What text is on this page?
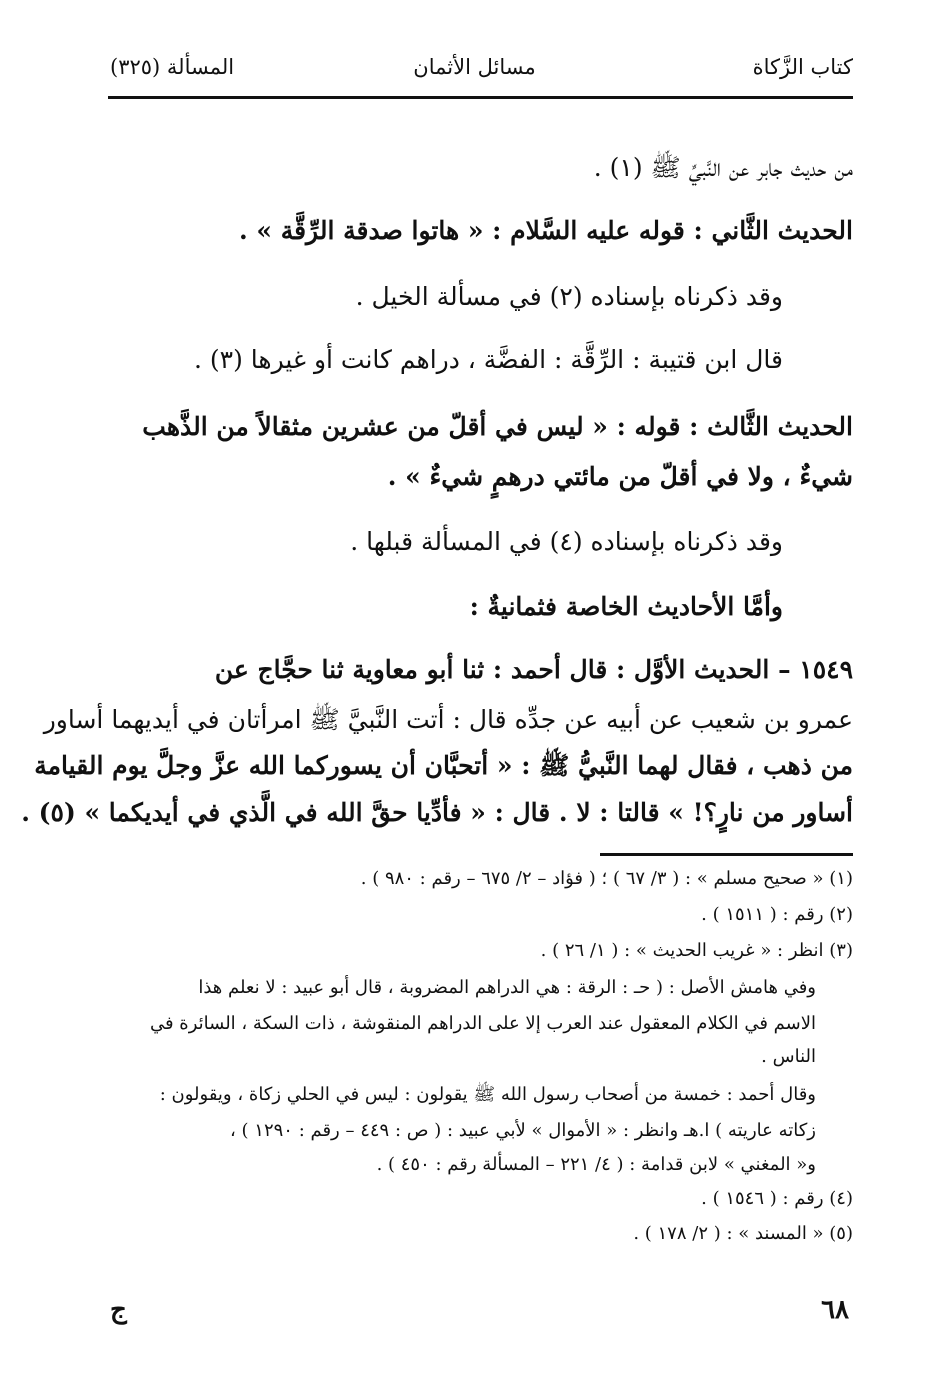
كتاب الزَّكاة
مسائل الأثمان
المسألة (٣٢٥)
من حديث جابر عن النَّبيِّ ﷺ (١) .
الحديث الثَّاني : قوله عليه السَّلام : « هاتوا صدقة الرِّقَّة » .
وقد ذكرناه بإسناده (٢) في مسألة الخيل .
قال ابن قتيبة : الرِّقَّة : الفضَّة ، دراهم كانت أو غيرها (٣) .
الحديث الثَّالث : قوله : « ليس في أقلّ من عشرين مثقالاً من الذَّهب
شيءٌ ، ولا في أقلّ من مائتي درهمٍ شيءٌ » .
وقد ذكرناه بإسناده (٤) في المسألة قبلها .
وأمَّا الأحاديث الخاصة فثمانيةٌ :
١٥٤٩ – الحديث الأوَّل : قال أحمد : ثنا أبو معاوية ثنا حجَّاج عن
عمرو بن شعيب عن أبيه عن جدِّه قال : أتت النَّبيَّ ﷺ امرأتان في أيديهما أساور
من ذهب ، فقال لهما النَّبيُّ ﷺ : « أتحبَّان أن يسوركما الله عزَّ وجلَّ يوم القيامة
أساور من نارٍ؟! » قالتا : لا . قال : « فأدِّيا حقَّ الله في الَّذي في أيديكما » (٥) .
(١) « صحيح مسلم » : ( ٣/ ٦٧ ) ؛ ( فؤاد – ٢/ ٦٧٥ – رقم : ٩٨٠ ) .
(٢) رقم : ( ١٥١١ ) .
(٣) انظر : « غريب الحديث » : ( ١/ ٢٦ ) .
وفي هامش الأصل : ( حـ : الرقة : هي الدراهم المضروبة ، قال أبو عبيد : لا نعلم هذا
الاسم في الكلام المعقول عند العرب إلا على الدراهم المنقوشة ، ذات السكة ، السائرة في
الناس .
وقال أحمد : خمسة من أصحاب رسول الله ﷺ يقولون : ليس في الحلي زكاة ، ويقولون :
زكاته عاريته ) ا.هـ وانظر : « الأموال » لأبي عبيد : ( ص : ٤٤٩ – رقم : ١٢٩٠ ) ،
و« المغني » لابن قدامة : ( ٤/ ٢٢١ – المسألة رقم : ٤٥٠ ) .
(٤) رقم : ( ١٥٤٦ ) .
(٥) « المسند » : ( ٢/ ١٧٨ ) .
٦٨
ج
